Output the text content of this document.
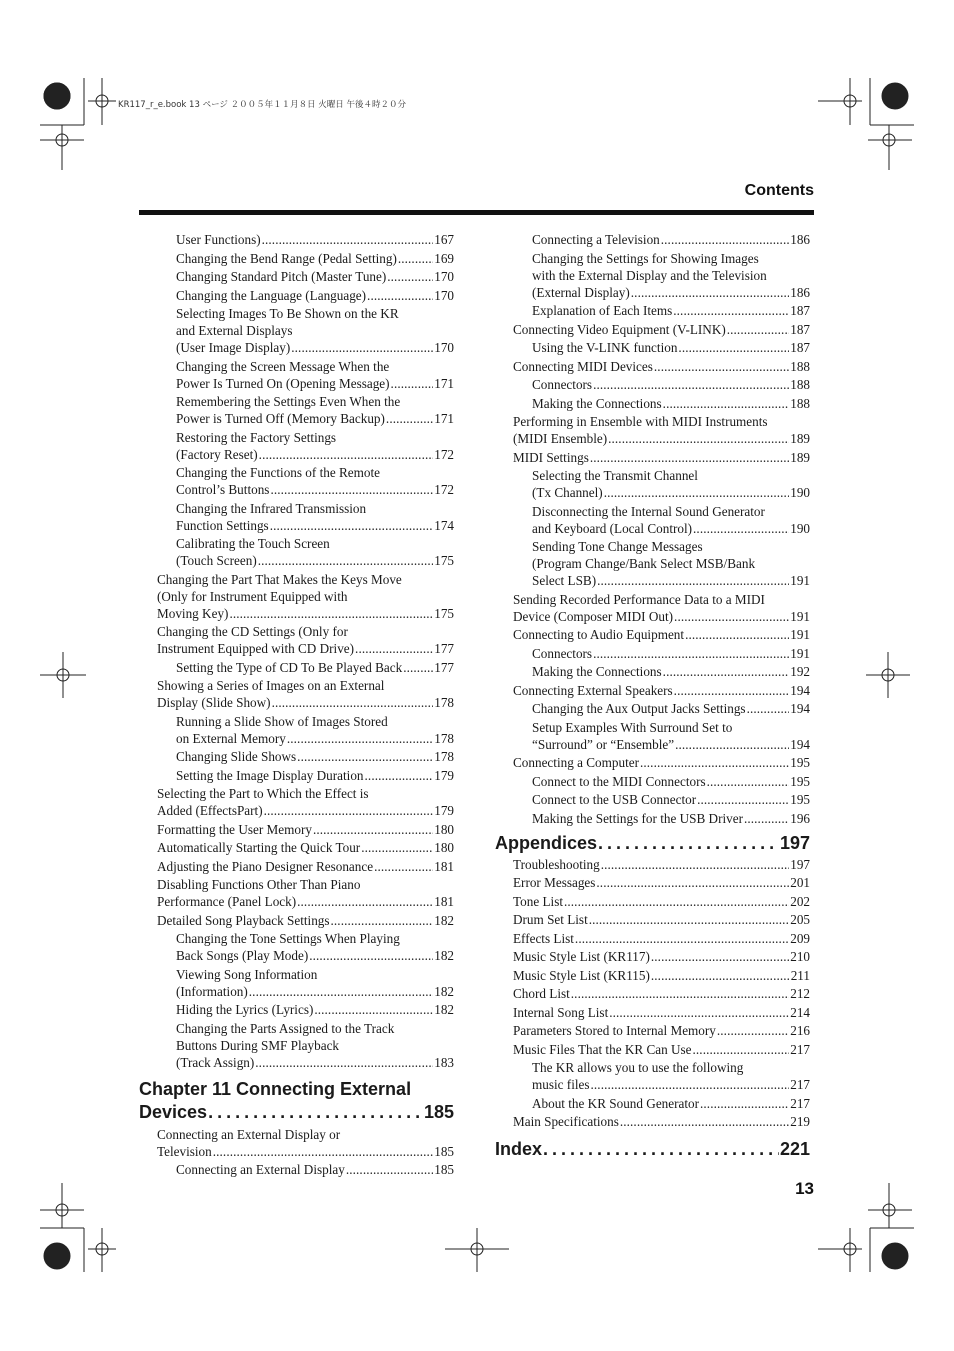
KR117_r_e.book 13 ページ ２００５年１１月８日 火曜日 午後４時２０分
Contents
User Functions) . . .	167
Changing the Bend Range (Pedal Setting) . . .	169
Changing Standard Pitch (Master Tune) . . .	170
Changing the Language (Language) . . .	170
Selecting Images To Be Shown on the KR
and External Displays
(User Image Display) . . .	170
Changing the Screen Message When the
Power Is Turned On (Opening Message) . . .	171
Remembering the Settings Even When the
Power is Turned Off (Memory Backup) . . .	171
Restoring the Factory Settings
(Factory Reset) . . .	172
Changing the Functions of the Remote
Control’s Buttons . . .	172
Changing the Infrared Transmission
Function Settings . . .	174
Calibrating the Touch Screen
(Touch Screen) . . .	175
Changing the Part That Makes the Keys Move
(Only for Instrument Equipped with
Moving Key) . . .	175
Changing the CD Settings (Only for
Instrument Equipped with CD Drive) . . .	177
Setting the Type of CD To Be Played Back . . . 177
Showing a Series of Images on an External
Display (Slide Show) . . .	178
Running a Slide Show of Images Stored
on External Memory . . .	178
Changing Slide Shows . . .	178
Setting the Image Display Duration . . .	179
Selecting the Part to Which the Effect is
Added (EffectsPart) . . .	179
Formatting the User Memory . . .	180
Automatically Starting the Quick Tour . . .	180
Adjusting the Piano Designer Resonance . . .	181
Disabling Functions Other Than Piano
Performance (Panel Lock) . . .	181
Detailed Song Playback Settings . . .	182
Changing the Tone Settings When Playing
Back Songs (Play Mode) . . .	182
Viewing Song Information
(Information) . . .	182
Hiding the Lyrics (Lyrics) . . .	182
Changing the Parts Assigned to the Track
Buttons During SMF Playback
(Track Assign) . . .	183
Chapter 11 Connecting External
Devices . . .	185
Connecting an External Display or
Television . . .	185
Connecting an External Display . . .	185
Connecting a Television . . .	186
Changing the Settings for Showing Images
with the External Display and the Television
(External Display) . . .	186
Explanation of Each Items . . .	187
Connecting Video Equipment (V-LINK) . . .	187
Using the V-LINK function . . .	187
Connecting MIDI Devices . . .	188
Connectors . . .	188
Making the Connections . . .	188
Performing in Ensemble with MIDI Instruments
(MIDI Ensemble) . . .	189
MIDI Settings . . .	189
Selecting the Transmit Channel
(Tx Channel) . . .	190
Disconnecting the Internal Sound Generator
and Keyboard (Local Control) . . .	190
Sending Tone Change Messages
(Program Change/Bank Select MSB/Bank
Select LSB) . . .	191
Sending Recorded Performance Data to a MIDI
Device (Composer MIDI Out) . . .	191
Connecting to Audio Equipment . . .	191
Connectors . . .	191
Making the Connections . . .	192
Connecting External Speakers . . .	194
Changing the Aux Output Jacks Settings . . .	194
Setup Examples With Surround Set to
“Surround” or “Ensemble” . . .	194
Connecting a Computer . . .	195
Connect to the MIDI Connectors . . .	195
Connect to the USB Connector . . .	195
Making the Settings for the USB Driver . . .	196
Appendices . . .	197
Troubleshooting . . .	197
Error Messages . . .	201
Tone List . . .	202
Drum Set List . . .	205
Effects List . . .	209
Music Style List (KR117) . . .	210
Music Style List (KR115) . . .	211
Chord List . . .	212
Internal Song List . . .	214
Parameters Stored to Internal Memory . . .	216
Music Files That the KR Can Use . . .	217
The KR allows you to use the following
music files . . .	217
About the KR Sound Generator . . .	217
Main Specifications . . .	219
Index . . .	221
13
